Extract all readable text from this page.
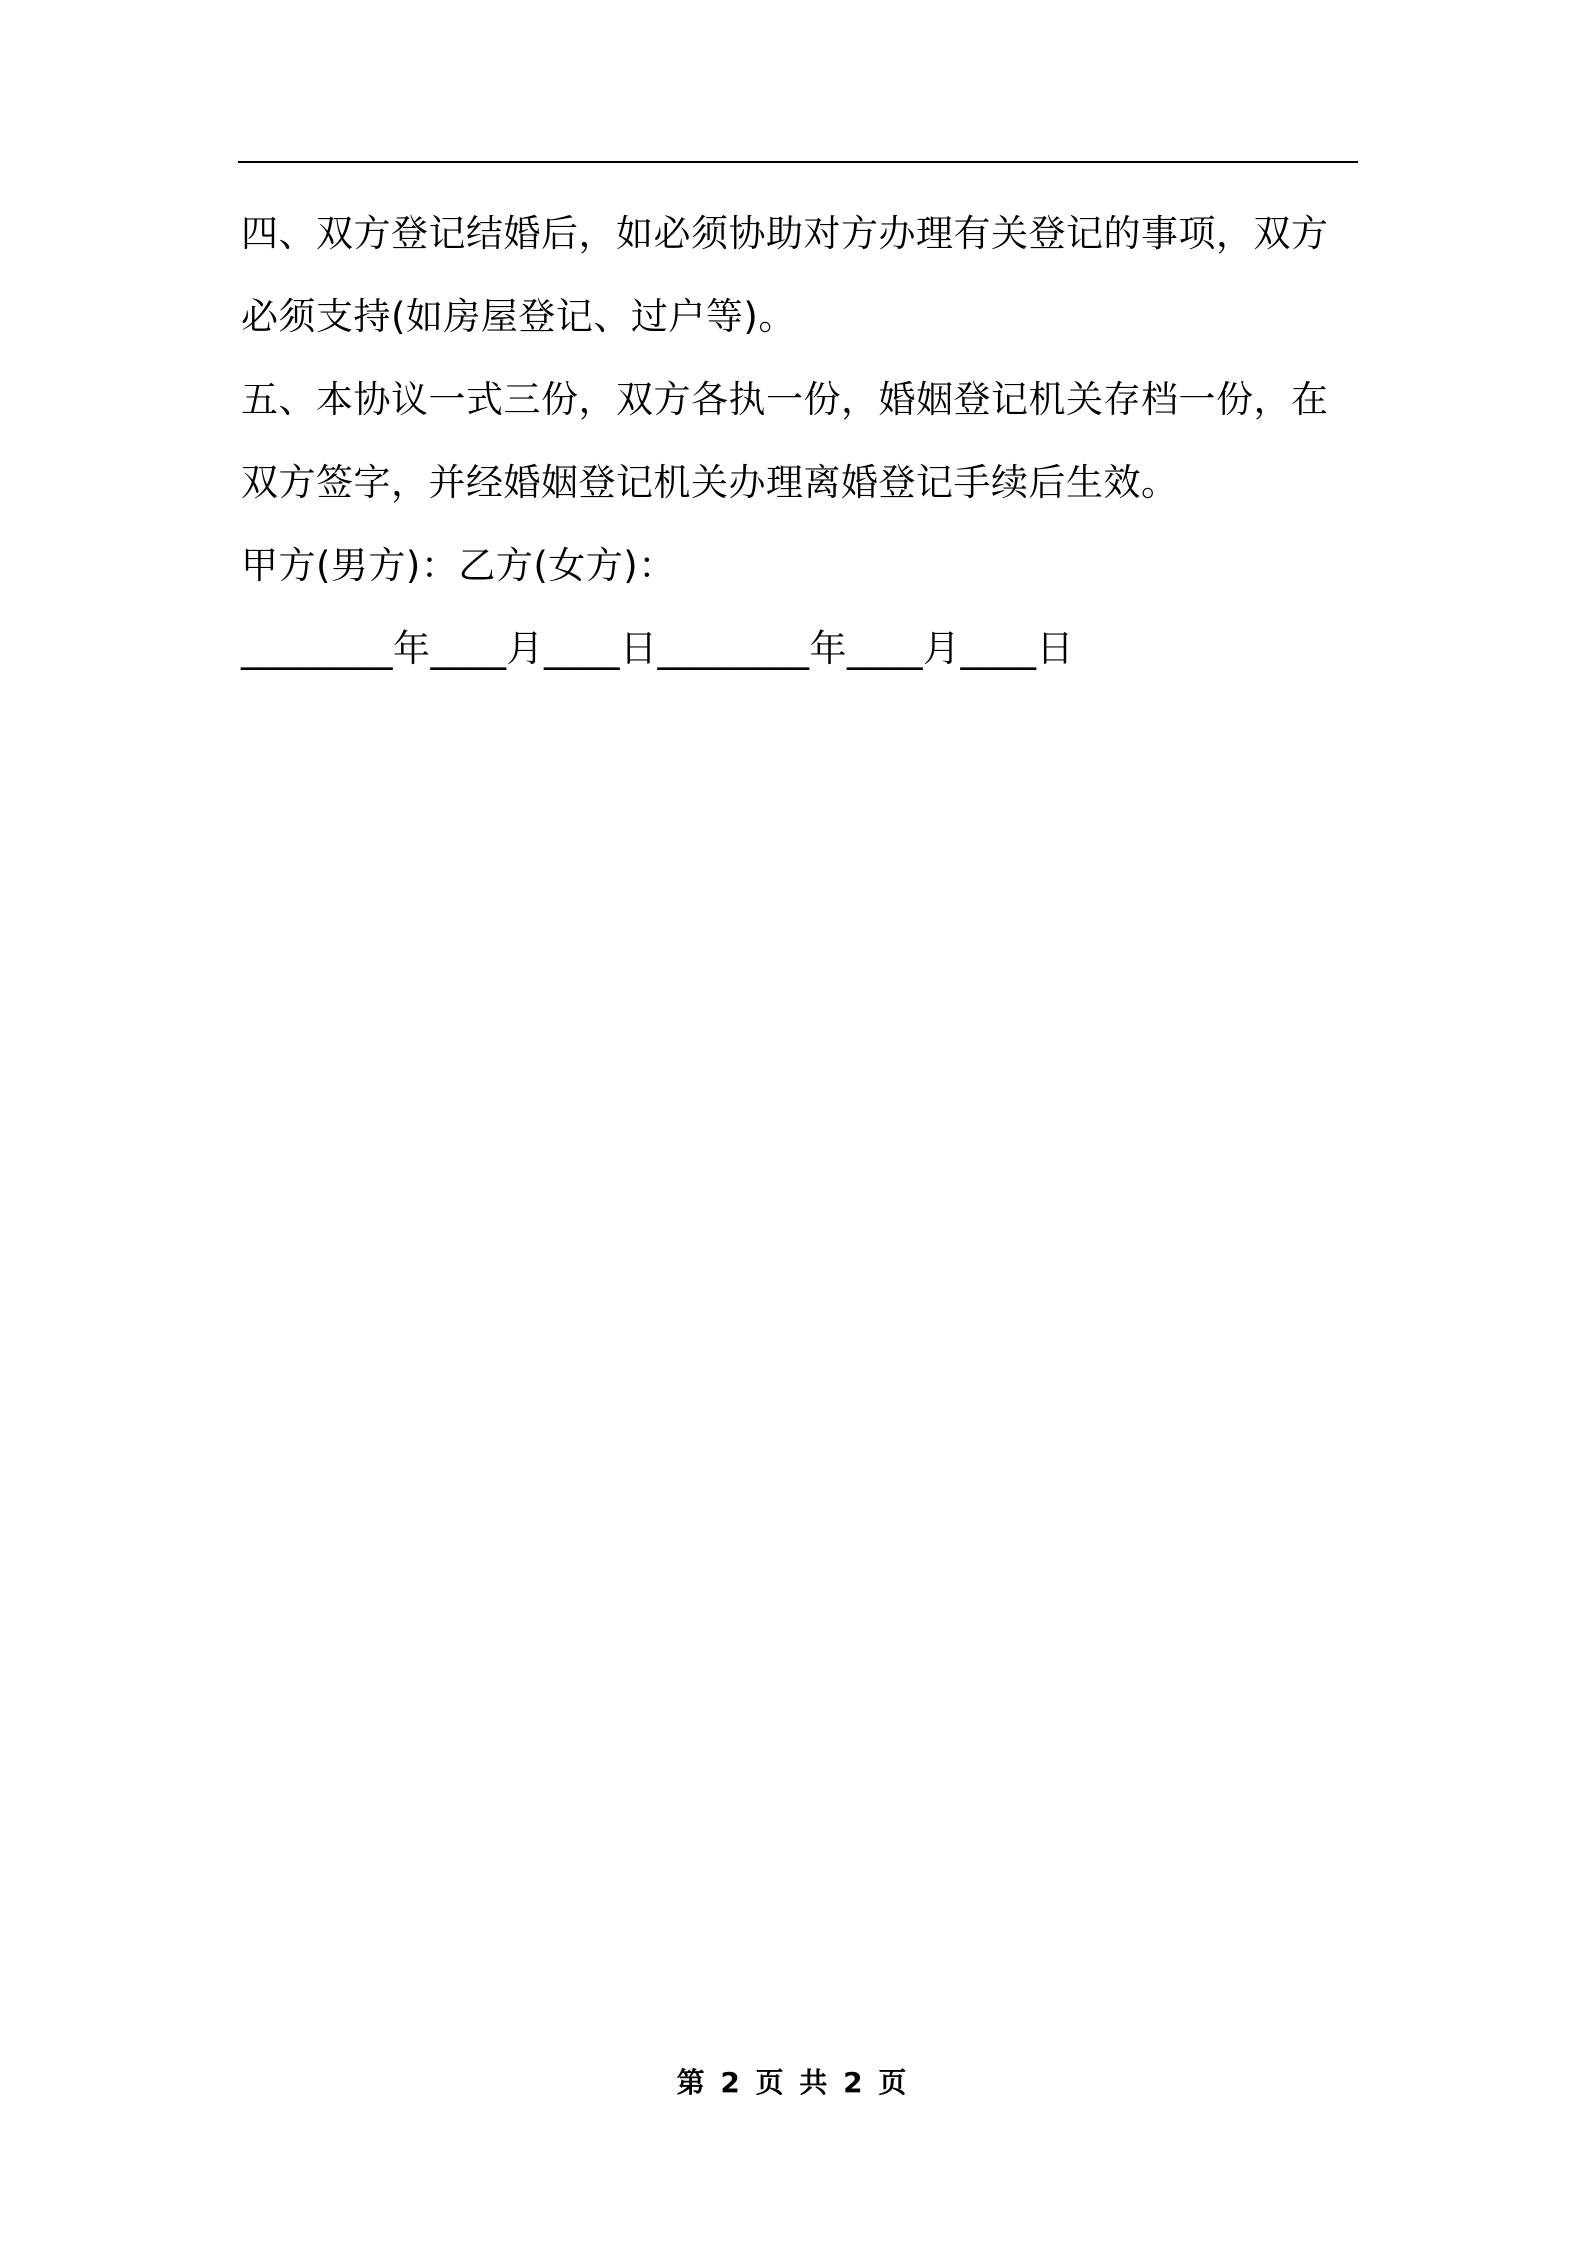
四、双方登记结婚后，如必须协助对方办理有关登记的事项，双方必须支持(如房屋登记、过户等)。

五、本协议一式三份，双方各执一份，婚姻登记机关存档一份，在双方签字，并经婚姻登记机关办理离婚登记手续后生效。

甲方(男方)：乙方(女方)：

________年____月____日________年____月____日

第 2 页 共 2 页
